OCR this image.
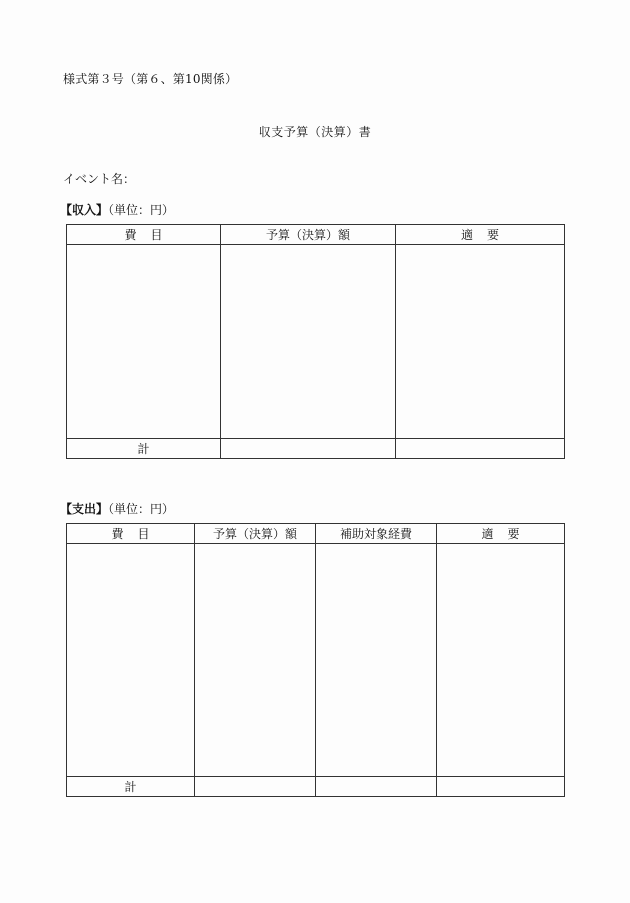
様式第３号（第６、第10関係）
収支予算（決算）書
イベント名：
【収入】（単位：円）
費目	予算（決算）額	適要

計		
【支出】（単位：円）
費目	予算（決算）額	補助対象経費	適要

計			
